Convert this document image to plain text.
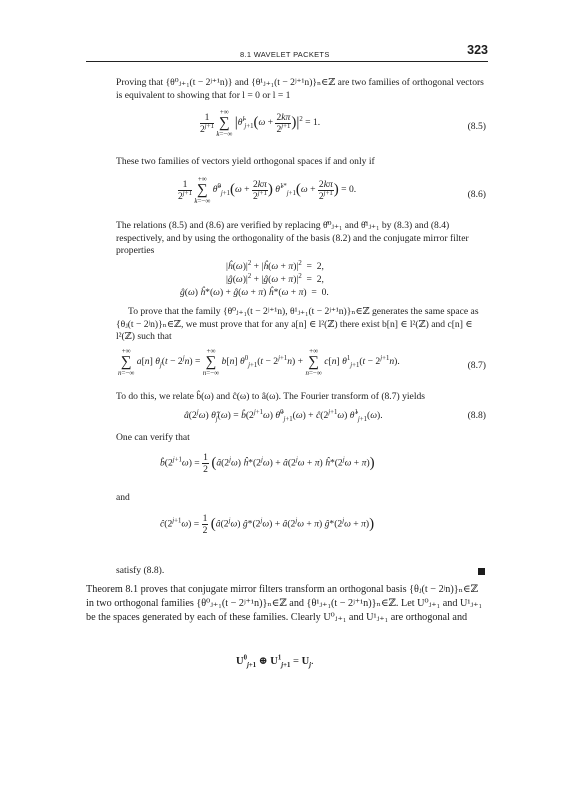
8.1 WAVELET PACKETS	323
Proving that {θ⁰ⱼ₊₁(t − 2ʲ⁺¹n)} and {θ¹ⱼ₊₁(t − 2ʲ⁺¹n)}ₙ∈ℤ are two families of orthogonal vectors is equivalent to showing that for l = 0 or l = 1
$\frac{1}{2^{j+1}}$ +∞
∑
k=−∞ |θ̂$^l_{j+1}$(ω + $\frac{2k\pi}{2^{j+1}} )|^2 = 1$.	(8.5)
These two families of vectors yield orthogonal spaces if and only if
$\frac{1}{2^{j+1}}$ +∞
∑
k=−∞ θ̂$^0_{j+1}$(ω + $\frac{2k\pi}{2^{j+1}}$ ) θ̂$^{1*}_{j+1}$(ω + $\frac{2k\pi}{2^{j+1}}$ ) = 0.	(8.6)
The relations (8.5) and (8.6) are verified by replacing θ̂⁰ⱼ₊₁ and θ̂¹ⱼ₊₁ by (8.3) and (8.4) respectively, and by using the orthogonality of the basis (8.2) and the conjugate mirror filter properties
$|ĥ(\omega)|^2$ + |ĥ(ω + $\pi)|^2 = 2$,
$|ĝ(\omega)|^2$ + |ĝ(ω + $\pi)|^2 = 2$,
ĝ(ω) ĥ*(ω) + ĝ(ω + π) ĥ*(ω + π)  =  0.
To prove that the family {θ⁰ⱼ₊₁(t − 2ʲ⁺¹n), θ¹ⱼ₊₁(t − 2ʲ⁺¹n)}ₙ∈ℤ generates the same space as {θⱼ(t − 2ʲn)}ₙ∈ℤ, we must prove that for any a[n] ∈ l²(ℤ) there exist b[n] ∈ l²(ℤ) and c[n] ∈ l²(ℤ) such that
+∞
∑
n=−∞ a[n] $\theta_j(t - 2^jn)$ = +∞
∑
n=−∞ b[n] $\theta^0_{j+1}(t - 2^{j+1}n)$ + +∞
∑
n=−∞ c[n] $\theta^1_{j+1}(t - 2^{j+1}n)$.	(8.7)
To do this, we relate b̂(ω) and ĉ(ω) to â(ω). The Fourier transform of (8.7) yields
â(2$^j$ω) $\thetâ_j(\omega)$ = $b̂(2^{j+1}\omega)$ θ̂$^0_{j+1}$(ω) + $ĉ(2^{j+1}\omega)$ θ̂$^1_{j+1}$(ω).	(8.8)
One can verify that
$b̂(2^{j+1}\omega) = \frac{1}{2}$ (â(2$^j$ω) $ĥ*(2^j\omega)$ + $â(2^j\omega + \pi)$ $ĥ*(2^j\omega + \pi)$)
and
$ĉ(2^{j+1}\omega) = \frac{1}{2}$ (â(2$^j$ω) $ĝ*(2^j\omega)$ + $â(2^j\omega + \pi)$ $ĝ*(2^j\omega + \pi)$)
satisfy (8.8).
Theorem 8.1 proves that conjugate mirror filters transform an orthogonal basis {θⱼ(t − 2ʲn)}ₙ∈ℤ in two orthogonal families {θ⁰ⱼ₊₁(t − 2ʲ⁺¹n)}ₙ∈ℤ and {θ¹ⱼ₊₁(t − 2ʲ⁺¹n)}ₙ∈ℤ. Let U⁰ⱼ₊₁ and U¹ⱼ₊₁ be the spaces generated by each of these families. Clearly U⁰ⱼ₊₁ and U¹ⱼ₊₁ are orthogonal and
$U^0_{j+1}$ ⊕ $U^1_{j+1} = U_j$.
